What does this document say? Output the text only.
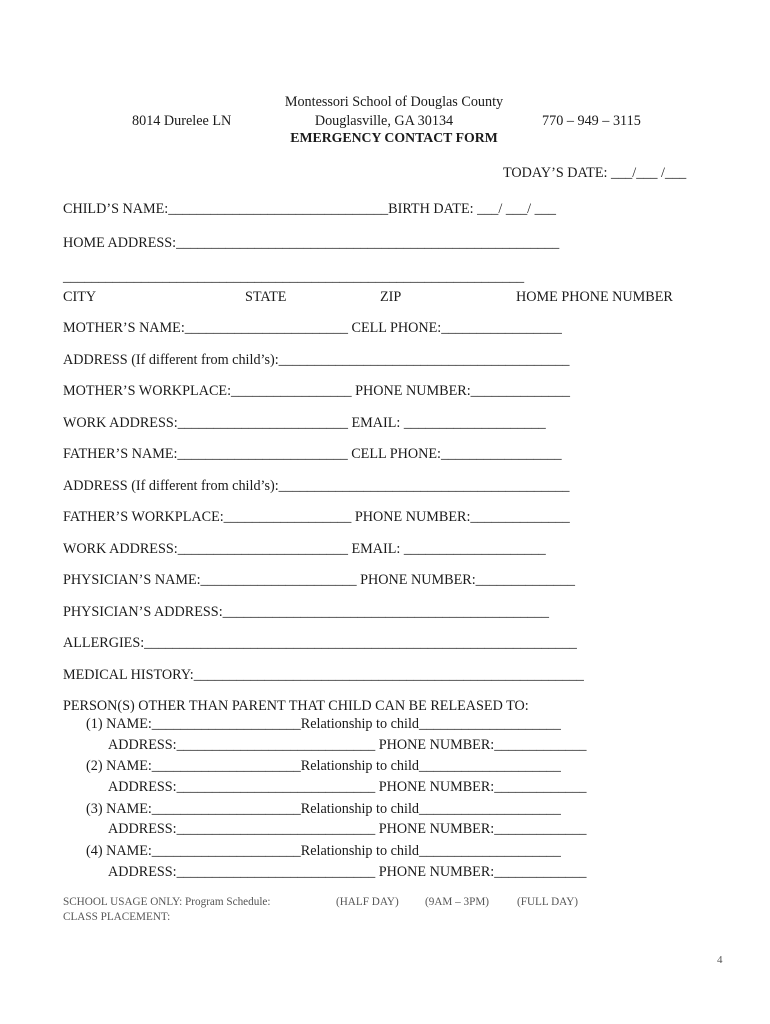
Montessori School of Douglas County
8014 Durelee LN	Douglasville, GA 30134	770 – 949 – 3115
EMERGENCY CONTACT FORM
TODAY’S DATE: ___/___ /___
CHILD’S NAME:_______________________________BIRTH DATE: ___/ ___/ ___
HOME ADDRESS:______________________________________________________
_________________________________________________________________
CITY	STATE	ZIP	HOME PHONE NUMBER
MOTHER’S NAME:_______________________ CELL PHONE:_________________
ADDRESS (If different from child’s):_________________________________________
MOTHER’S WORKPLACE:_________________ PHONE NUMBER:______________
WORK ADDRESS:________________________ EMAIL: ____________________
FATHER’S NAME:________________________ CELL PHONE:_________________
ADDRESS (If different from child’s):_________________________________________
FATHER’S WORKPLACE:__________________ PHONE NUMBER:______________
WORK ADDRESS:________________________ EMAIL: ____________________
PHYSICIAN’S NAME:______________________ PHONE NUMBER:______________
PHYSICIAN’S ADDRESS:______________________________________________
ALLERGIES:_____________________________________________________________
MEDICAL HISTORY:_______________________________________________________
PERSON(S) OTHER THAN PARENT THAT CHILD CAN BE RELEASED TO:
(1) NAME:_____________________Relationship to child____________________
ADDRESS:____________________________ PHONE NUMBER:_____________
(2) NAME:_____________________Relationship to child____________________
ADDRESS:____________________________ PHONE NUMBER:_____________
(3) NAME:_____________________Relationship to child____________________
ADDRESS:____________________________ PHONE NUMBER:_____________
(4) NAME:_____________________Relationship to child____________________
ADDRESS:____________________________ PHONE NUMBER:_____________
SCHOOL USAGE ONLY: Program Schedule:	(HALF DAY) (9AM – 3PM) (FULL DAY)
CLASS PLACEMENT:
4
